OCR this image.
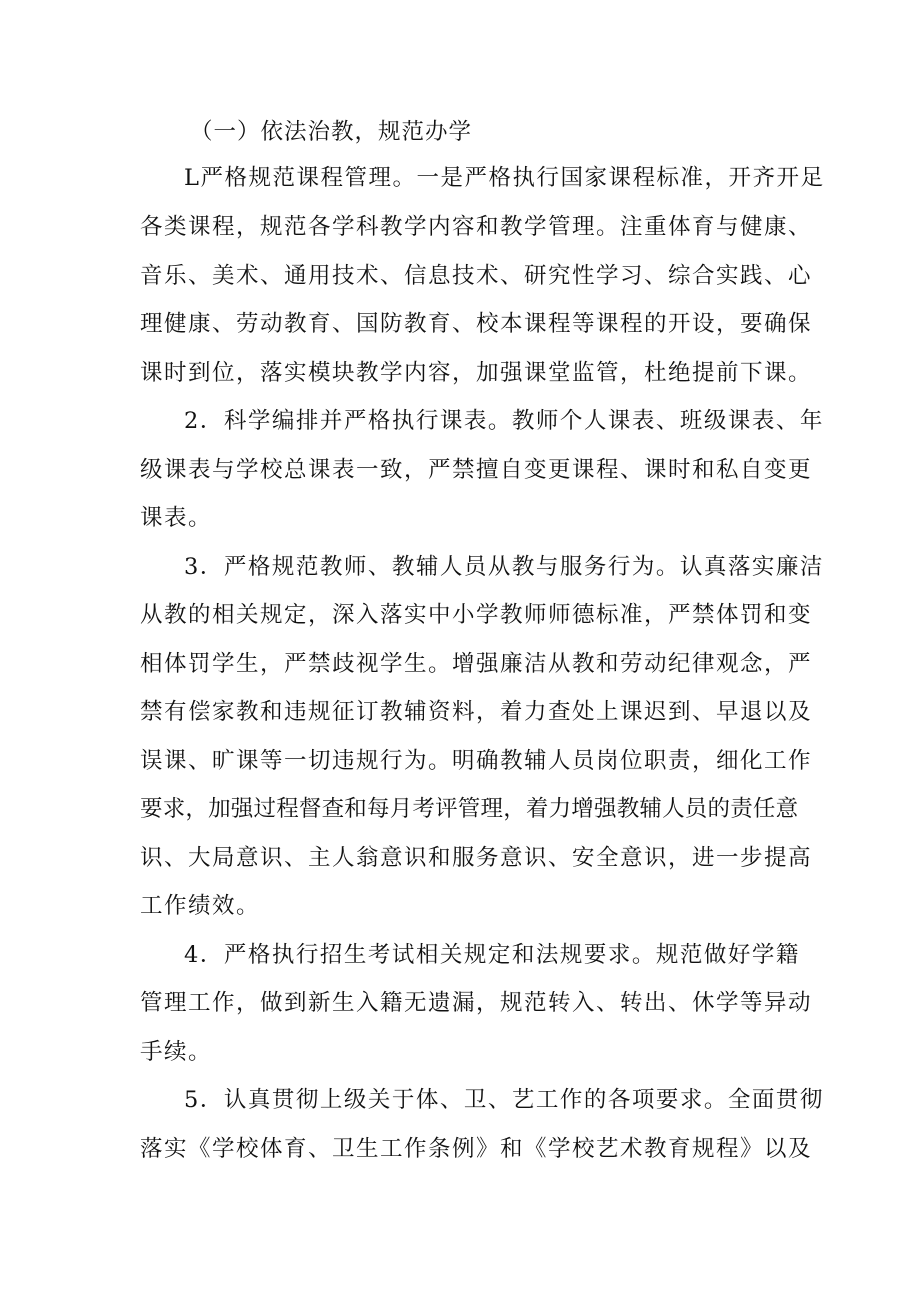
（一）依法治教，规范办学
L严格规范课程管理。一是严格执行国家课程标准，开齐开足
各类课程，规范各学科教学内容和教学管理。注重体育与健康、
音乐、美术、通用技术、信息技术、研究性学习、综合实践、心
理健康、劳动教育、国防教育、校本课程等课程的开设，要确保
课时到位，落实模块教学内容，加强课堂监管，杜绝提前下课。
2．科学编排并严格执行课表。教师个人课表、班级课表、年
级课表与学校总课表一致，严禁擅自变更课程、课时和私自变更
课表。
3．严格规范教师、教辅人员从教与服务行为。认真落实廉洁
从教的相关规定，深入落实中小学教师师德标准，严禁体罚和变
相体罚学生，严禁歧视学生。增强廉洁从教和劳动纪律观念，严
禁有偿家教和违规征订教辅资料，着力查处上课迟到、早退以及
误课、旷课等一切违规行为。明确教辅人员岗位职责，细化工作
要求，加强过程督查和每月考评管理，着力增强教辅人员的责任意
识、大局意识、主人翁意识和服务意识、安全意识，进一步提高
工作绩效。
4．严格执行招生考试相关规定和法规要求。规范做好学籍
管理工作，做到新生入籍无遗漏，规范转入、转出、休学等异动
手续。
5．认真贯彻上级关于体、卫、艺工作的各项要求。全面贯彻
落实《学校体育、卫生工作条例》和《学校艺术教育规程》以及
